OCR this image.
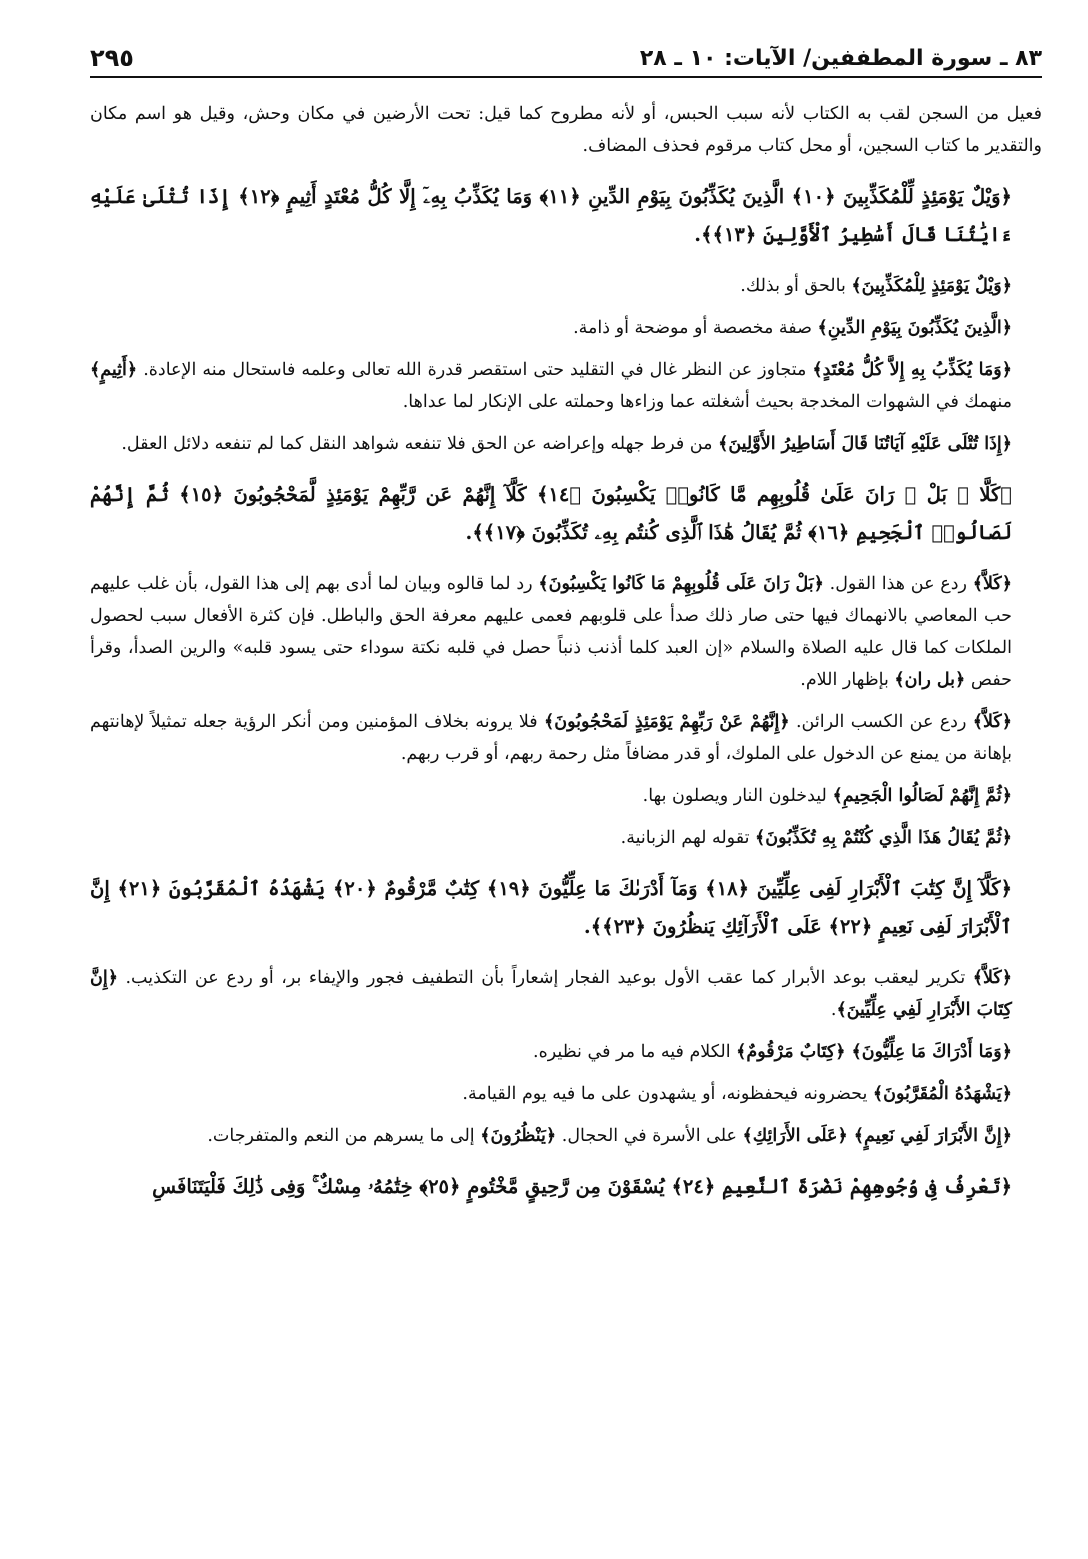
٨٣ ـ سورة المطففين/ الآيات: ١٠ ـ ٢٨
٢٩٥

فعيل من السجن لقب به الكتاب لأنه سبب الحبس، أو لأنه مطروح كما قيل: تحت الأرضين في مكان وحش، وقيل هو اسم مكان والتقدير ما كتاب السجين، أو محل كتاب مرقوم فحذف المضاف.

﴿وَيْلٌ يَوْمَئِذٍ لِّلْمُكَذِّبِينَ ﴿١٠﴾ الَّذِينَ يُكَذِّبُونَ بِيَوْمِ الدِّينِ ﴿١١﴾ وَمَا يُكَذِّبُ بِهِۦٓ إِلَّا كُلُّ مُعْتَدٍ أَثِيمٍ ﴿١٢﴾ إِذَا تُتْلَىٰ عَلَيْهِ ءَايَٰتُنَا قَالَ أَسَٰطِيرُ ٱلْأَوَّلِينَ ﴿١٣﴾﴾.

﴿وَيْلٌ يَوْمَئِذٍ لِلْمُكَذِّبِينَ﴾ بالحق أو بذلك.

﴿الَّذِينَ يُكَذِّبُونَ بِيَوْمِ الدِّينِ﴾ صفة مخصصة أو موضحة أو ذامة.

﴿وَمَا يُكَذِّبُ بِهِ إِلاَّ كُلُّ مُعْتَدٍ﴾ متجاوز عن النظر غال في التقليد حتى استقصر قدرة الله تعالى وعلمه فاستحال منه الإعادة. ﴿أَثِيمٍ﴾ منهمك في الشهوات المخدجة بحيث أشغلته عما وزاءها وحملته على الإنكار لما عداها.

﴿إِذَا تُتْلَى عَلَيْهِ آيَاتُنَا قَالَ أَسَاطِيرُ الأَوَّلِينَ﴾ من فرط جهله وإعراضه عن الحق فلا تنفعه شواهد النقل كما لم تنفعه دلائل العقل.

﴿كَلَّا ۖ بَلْ ۜ رَانَ عَلَىٰ قُلُوبِهِم مَّا كَانُوا۟ يَكْسِبُونَ ﴿١٤﴾ كَلَّآ إِنَّهُمْ عَن رَّبِّهِمْ يَوْمَئِذٍ لَّمَحْجُوبُونَ ﴿١٥﴾ ثُمَّ إِنَّهُمْ لَصَالُوا۟ ٱلْجَحِيمِ ﴿١٦﴾ ثُمَّ يُقَالُ هَٰذَا ٱلَّذِى كُنتُم بِهِۦ تُكَذِّبُونَ ﴿١٧﴾﴾.

﴿كَلاَّ﴾ ردع عن هذا القول. ﴿بَلْ رَانَ عَلَى قُلُوبِهِمْ مَا كَانُوا يَكْسِبُونَ﴾ رد لما قالوه وبيان لما أدى بهم إلى هذا القول، بأن غلب عليهم حب المعاصي بالانهماك فيها حتى صار ذلك صدأ على قلوبهم فعمى عليهم معرفة الحق والباطل. فإن كثرة الأفعال سبب لحصول الملكات كما قال عليه الصلاة والسلام «إن العبد كلما أذنب ذنباً حصل في قلبه نكتة سوداء حتى يسود قلبه» والرين الصدأ، وقرأ حفص ﴿بل ران﴾ بإظهار اللام.

﴿كَلاَّ﴾ ردع عن الكسب الرائن. ﴿إِنَّهُمْ عَنْ رَبِّهِمْ يَوْمَئِذٍ لَمَحْجُوبُونَ﴾ فلا يرونه بخلاف المؤمنين ومن أنكر الرؤية جعله تمثيلاً لإهانتهم بإهانة من يمنع عن الدخول على الملوك، أو قدر مضافاً مثل رحمة ربهم، أو قرب ربهم.

﴿ثُمَّ إِنَّهُمْ لَصَالُوا الْجَحِيمِ﴾ ليدخلون النار ويصلون بها.

﴿ثُمَّ يُقَالُ هَذَا الَّذِي كُنْتُمْ بِهِ تُكَذِّبُونَ﴾ تقوله لهم الزبانية.

﴿كَلَّآ إِنَّ كِتَٰبَ ٱلْأَبْرَارِ لَفِى عِلِّيِّينَ ﴿١٨﴾ وَمَآ أَدْرَىٰكَ مَا عِلِّيُّونَ ﴿١٩﴾ كِتَٰبٌ مَّرْقُومٌ ﴿٢٠﴾ يَشْهَدُهُ ٱلْمُقَرَّبُونَ ﴿٢١﴾ إِنَّ ٱلْأَبْرَارَ لَفِى نَعِيمٍ ﴿٢٢﴾ عَلَى ٱلْأَرَآئِكِ يَنظُرُونَ ﴿٢٣﴾﴾.

﴿كَلاَّ﴾ تكرير ليعقب بوعد الأبرار كما عقب الأول بوعيد الفجار إشعاراً بأن التطفيف فجور والإيفاء بر، أو ردع عن التكذيب. ﴿إِنَّ كِتَابَ الأَبْرَارِ لَفِي عِلِّيِّينَ﴾.

﴿وَمَا أَدْرَاكَ مَا عِلِّيُّونَ﴾ ﴿كِتَابٌ مَرْقُومٌ﴾ الكلام فيه ما مر في نظيره.

﴿يَشْهَدُهُ الْمُقَرَّبُونَ﴾ يحضرونه فيحفظونه، أو يشهدون على ما فيه يوم القيامة.

﴿إِنَّ الأَبْرَارَ لَفِي نَعِيمٍ﴾ ﴿عَلَى الأَرَائِكِ﴾ على الأسرة في الحجال. ﴿يَنْظُرُونَ﴾ إلى ما يسرهم من النعم والمتفرجات.

﴿تَعْرِفُ فِى وُجُوهِهِمْ نَضْرَةَ ٱلنَّعِيمِ ﴿٢٤﴾ يُسْقَوْنَ مِن رَّحِيقٍ مَّخْتُومٍ ﴿٢٥﴾ خِتَٰمُهُۥ مِسْكٌ ۚ وَفِى ذَٰلِكَ فَلْيَتَنَافَسِ
